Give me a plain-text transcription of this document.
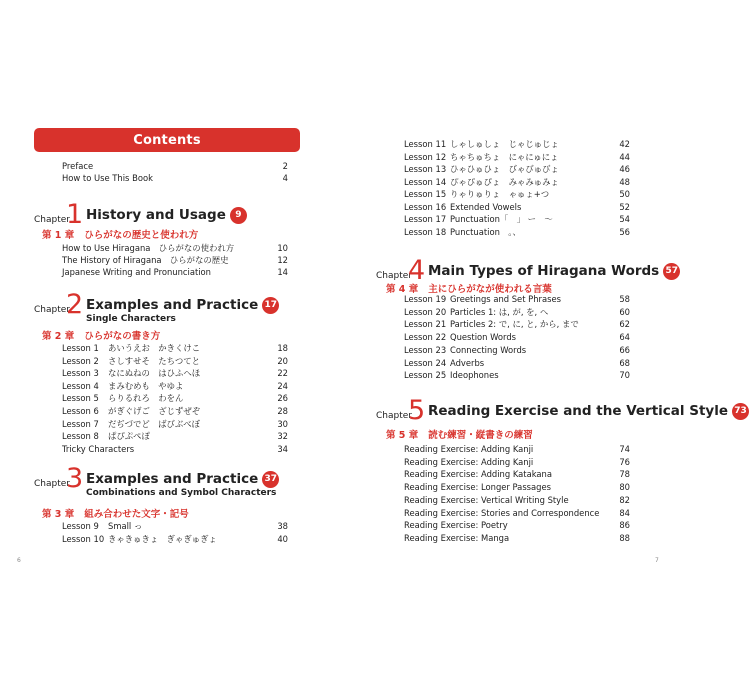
Contents
Preface	2
How to Use This Book	4
Chapter
1 History and Usage 9
第 1 章 ひらがなの歴史と使われ方
How to Use Hiragana　ひらがなの使われ方	10
The History of Hiragana　ひらがなの歴史	12
Japanese Writing and Pronunciation	14
Chapter
2 Examples and Practice 17
Single Characters
第 2 章 ひらがなの書き方
Lesson 1 あいうえお　かきくけこ	18
Lesson 2 さしすせそ　たちつてと	20
Lesson 3 なにぬねの　はひふへほ	22
Lesson 4 まみむめも　やゆよ	24
Lesson 5 らりるれろ　わをん	26
Lesson 6 がぎぐげご　ざじずぜぞ	28
Lesson 7 だぢづでど　ばびぶべぼ	30
Lesson 8 ぱぴぷぺぽ	32
Tricky Characters	34
Chapter
3 Examples and Practice 37
Combinations and Symbol Characters
第 3 章 組み合わせた文字・記号
Lesson 9 Small っ	38
Lesson 10 きゃきゅきょ　ぎゃぎゅぎょ	40
Lesson 11 しゃしゅしょ　じゃじゅじょ	42
Lesson 12 ちゃちゅちょ　にゃにゅにょ	44
Lesson 13 ひゃひゅひょ　びゃびゅびょ	46
Lesson 14 ぴゃぴゅぴょ　みゃみゅみょ	48
Lesson 15 りゃりゅりょ　ゃゅょ+つ	50
Lesson 16 Extended Vowels	52
Lesson 17 Punctuation「　」 ー　〜	54
Lesson 18 Punctuation　。、	56
Chapter
4 Main Types of Hiragana Words 57
第 4 章 主にひらがなが使われる言葉
Lesson 19 Greetings and Set Phrases	58
Lesson 20 Particles 1: は, が, を, へ	60
Lesson 21 Particles 2: で, に, と, から, まで	62
Lesson 22 Question Words	64
Lesson 23 Connecting Words	66
Lesson 24 Adverbs	68
Lesson 25 Ideophones	70
Chapter
5 Reading Exercise and the Vertical Style 73
第 5 章 読む練習・縦書きの練習
Reading Exercise: Adding Kanji	74
Reading Exercise: Adding Kanji	76
Reading Exercise: Adding Katakana	78
Reading Exercise: Longer Passages	80
Reading Exercise: Vertical Writing Style	82
Reading Exercise: Stories and Correspondence 84
Reading Exercise: Poetry	86
Reading Exercise: Manga	88
6	7
